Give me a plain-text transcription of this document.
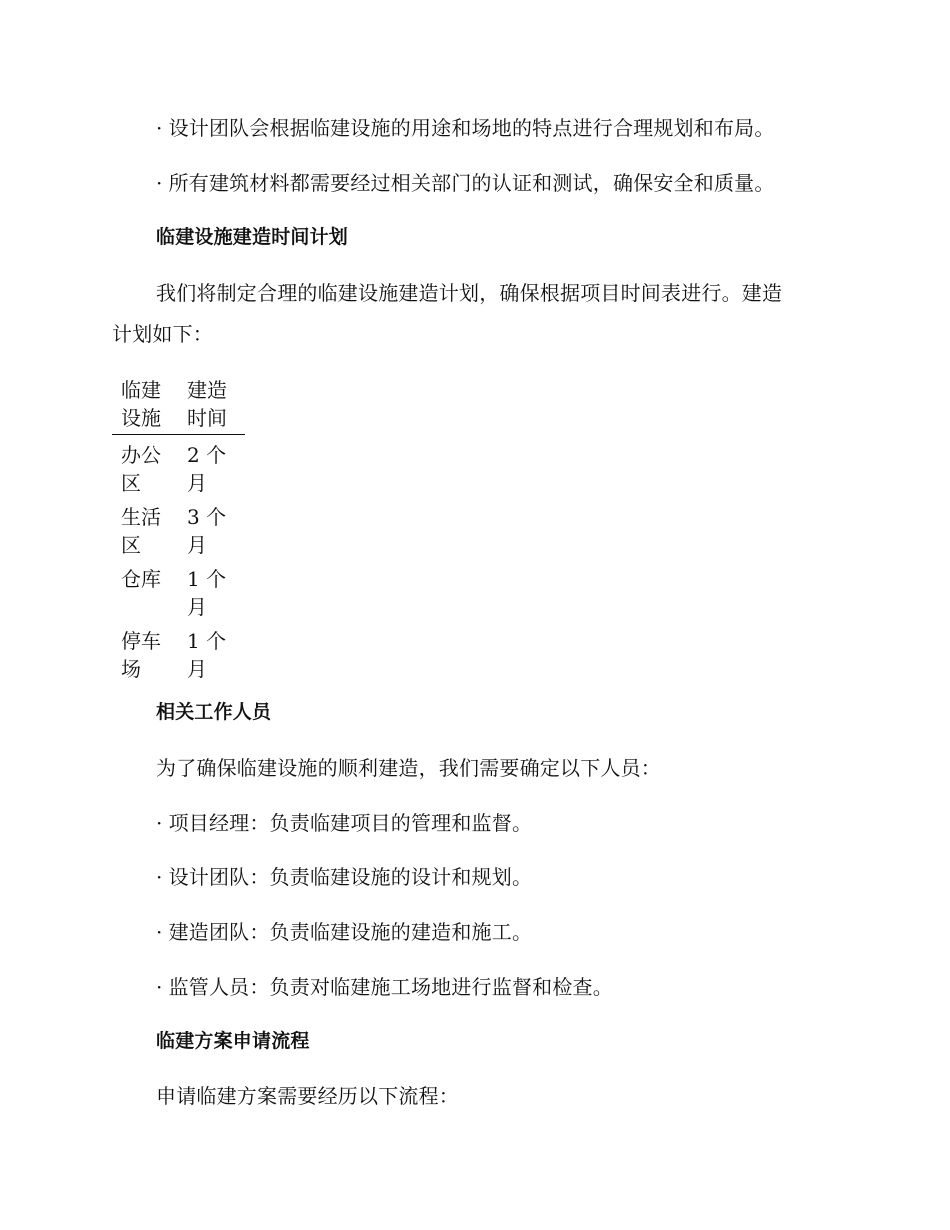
· 设计团队会根据临建设施的用途和场地的特点进行合理规划和布局。
· 所有建筑材料都需要经过相关部门的认证和测试，确保安全和质量。
临建设施建造时间计划
我们将制定合理的临建设施建造计划，确保根据项目时间表进行。建造
计划如下：
临建设施
建造时间
办公区
2 个月
生活区
3 个月
仓库	1 个月
停车场
1 个月
相关工作人员
为了确保临建设施的顺利建造，我们需要确定以下人员：
· 项目经理：负责临建项目的管理和监督。
· 设计团队：负责临建设施的设计和规划。
· 建造团队：负责临建设施的建造和施工。
· 监管人员：负责对临建施工场地进行监督和检查。
临建方案申请流程
申请临建方案需要经历以下流程：
